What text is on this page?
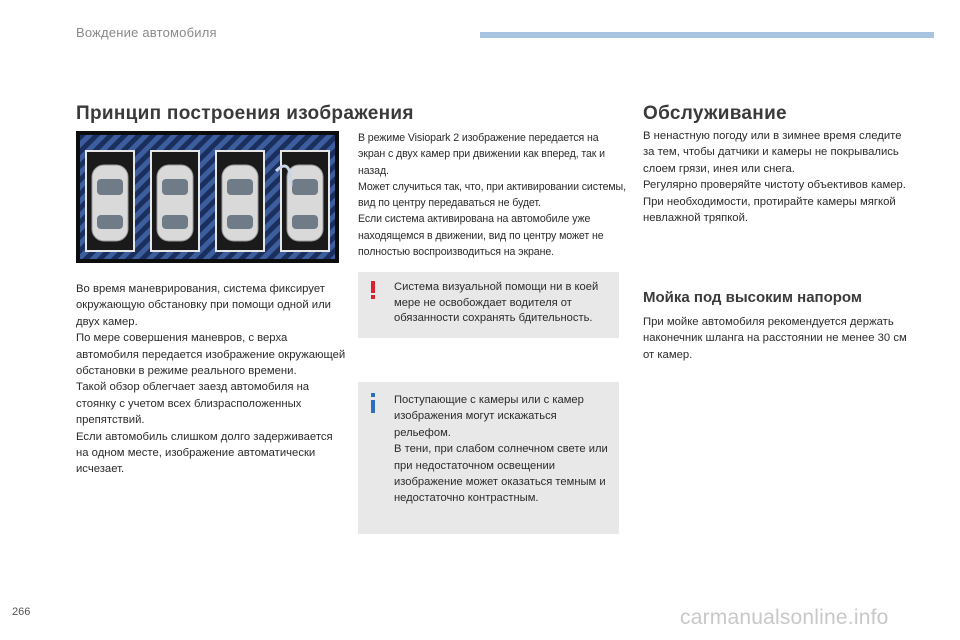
Вождение автомобиля
Принцип построения изображения

Во время маневрирования, система фиксирует окружающую обстановку при помощи одной или двух камер.

По мере совершения маневров, с верха автомобиля передается изображение окружающей обстановки в режиме реального времени.

Такой обзор облегчает заезд автомобиля на стоянку с учетом всех близрасположенных препятствий.

Если автомобиль слишком долго задерживается на одном месте, изображение автоматически исчезает.

В режиме Visiopark 2 изображение передается на экран с двух камер при движении как вперед, так и назад.

Может случиться так, что, при активировании системы, вид по центру передаваться не будет.

Если система активирована на автомобиле уже находящемся в движении, вид по центру может не полностью воспроизводиться на экране.

Система визуальной помощи ни в коей мере не освобождает водителя от обязанности сохранять бдительность.

Поступающие с камеры или с камер изображения могут искажаться рельефом.

В тени, при слабом солнечном свете или при недостаточном освещении изображение может оказаться темным и недостаточно контрастным.

Обслуживание

В ненастную погоду или в зимнее время следите за тем, чтобы датчики и камеры не покрывались слоем грязи, инея или снега.

Регулярно проверяйте чистоту объективов камер.

При необходимости, протирайте камеры мягкой невлажной тряпкой.

Мойка под высоким напором

При мойке автомобиля рекомендуется держать наконечник шланга на расстоянии не менее 30 см от камер.

266	carmanualsonline.info
